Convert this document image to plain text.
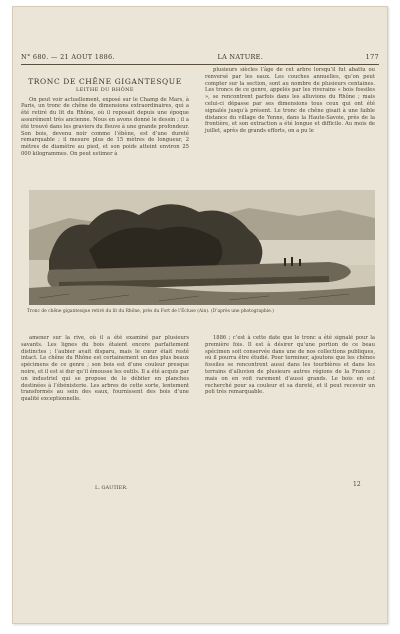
N° 680. — 21 AOUT 1886.	LA NATURE.	177
TRONC DE CHÊNE GIGANTESQUE
LEITHE DU RHÔNE

On peut voir actuellement, exposé sur le Champ de Mars, à Paris, un tronc de chêne de dimensions extraordinaires, qui a été retiré du lit du Rhône, où il reposait depuis une époque assurément très ancienne. Nous en avons donné le dessin ; il a été trouvé dans les graviers du fleuve à une grande profondeur. Son bois, devenu noir comme l’ébène, est d’une dureté remarquable ; il mesure plus de 15 mètres de longueur, 2 mètres de diamètre au pied, et son poids atteint environ 25 000 kilogrammes. On peut estimer à

plusieurs siècles l’âge de cet arbre lorsqu’il fut abattu ou renversé par les eaux. Les couches annuelles, qu’on peut compter sur la section, sont au nombre de plusieurs centaines. Les troncs de ce genre, appelés par les riverains « bois fossiles », se rencontrent parfois dans les alluvions du Rhône ; mais celui-ci dépasse par ses dimensions tous ceux qui ont été signalés jusqu’à présent. Le tronc de chêne gisait à une faible distance du village de Yenne, dans la Haute-Savoie, près de la frontière, et son extraction a été longue et difficile. Au mois de juillet, après de grands efforts, on a pu le

Tronc de chêne gigantesque retiré du lit du Rhône, près du Fort de l’Écluse (Ain). (D’après une photographie.)

amener sur la rive, où il a été examiné par plusieurs savants. Les lignes du bois étaient encore parfaitement distinctes ; l’aubier avait disparu, mais le cœur était resté intact. Le chêne du Rhône est certainement un des plus beaux spécimens de ce genre ; son bois est d’une couleur presque noire, et il est si dur qu’il émousse les outils. Il a été acquis par un industriel qui se propose de le débiter en planches destinées à l’ébénisterie. Les arbres de cette sorte, lentement transformés au sein des eaux, fournissent des bois d’une qualité exceptionnelle.

1886 ; c’est à cette date que le tronc a été signalé pour la première fois. Il est à désirer qu’une portion de ce beau spécimen soit conservée dans une de nos collections publiques, où il pourra être étudié. Pour terminer, ajoutons que les chênes fossiles se rencontrent aussi dans les tourbières et dans les terrains d’alluvion de plusieurs autres régions de la France ; mais on en voit rarement d’aussi grands. Le bois en est recherché pour sa couleur et sa dureté, et il peut recevoir un poli très remarquable.

L. GAUTIER.	12
